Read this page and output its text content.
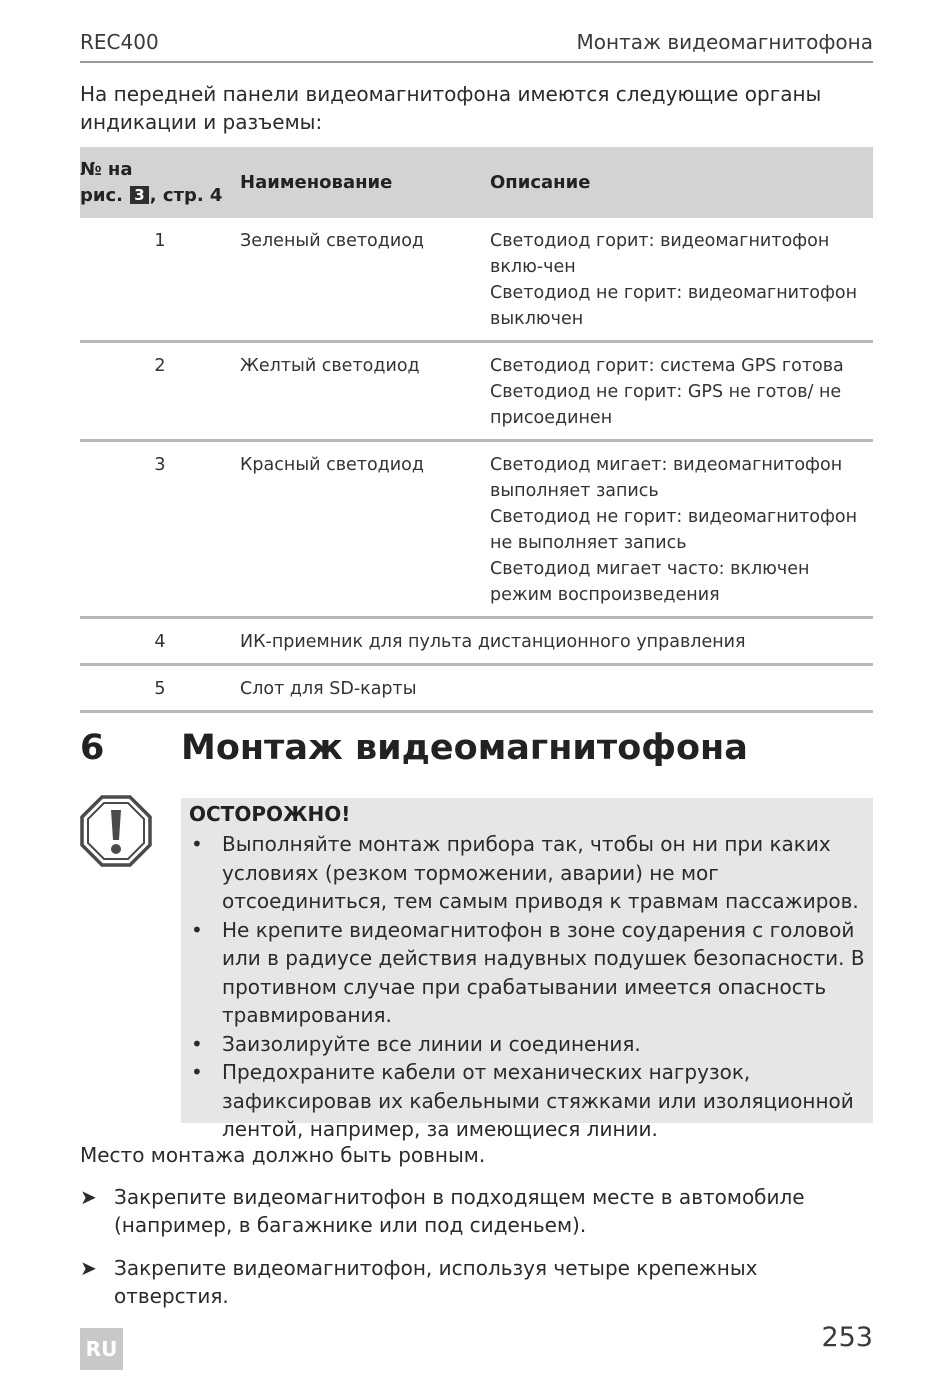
REC400	Монтаж видеомагнитофона
На передней панели видеомагнитофона имеются следующие органы индикации и разъемы:
№ на
рис. 3 , стр. 4	Наименование	Описание
1	Зеленый светодиод	Светодиод горит: видеомагнитофон вклю-чен
Светодиод не горит: видеомагнитофон выключен

2	Желтый светодиод	Светодиод горит: система GPS готова
Светодиод не горит: GPS не готов/ не присоединен

3	Красный светодиод	Светодиод мигает: видеомагнитофон выполняет запись
Светодиод не горит: видеомагнитофон не выполняет запись
Светодиод мигает часто: включен режим воспроизведения

4	ИК-приемник для пульта дистанционного управления	
5	Слот для SD-карты	
6 Монтаж видеомагнитофона
ОСТОРОЖНО!
• Выполняйте монтаж прибора так, чтобы он ни при каких условиях (резком торможении, аварии) не мог отсоединиться, тем самым приводя к травмам пассажиров.
• Не крепите видеомагнитофон в зоне соударения с головой или в радиусе действия надувных подушек безопасности. В противном случае при срабатывании имеется опасность травмирования.
• Заизолируйте все линии и соединения.
• Предохраните кабели от механических нагрузок, зафиксировав их кабельными стяжками или изоляционной лентой, например, за имеющиеся линии.
Место монтажа должно быть ровным.
➤ Закрепите видеомагнитофон в подходящем месте в автомобиле (например, в багажнике или под сиденьем).
➤ Закрепите видеомагнитофон, используя четыре крепежных отверстия.
253
RU
